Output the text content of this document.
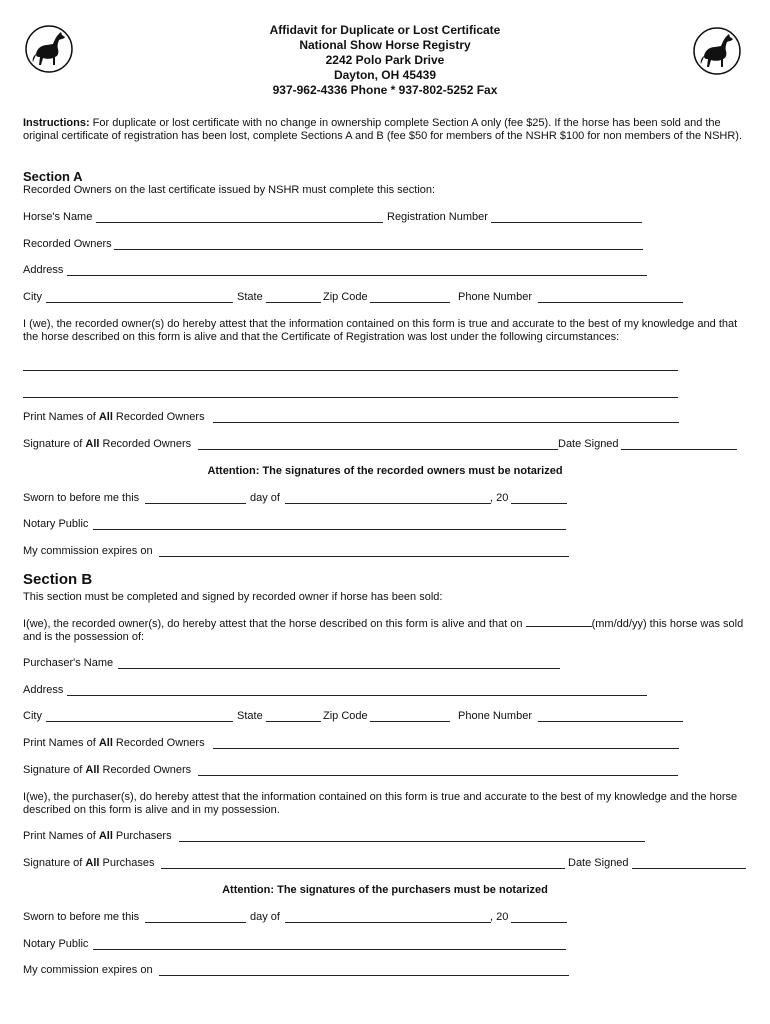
Affidavit for Duplicate or Lost Certificate
National Show Horse Registry
2242 Polo Park Drive
Dayton, OH 45439
937-962-4336 Phone * 937-802-5252 Fax
Instructions: For duplicate or lost certificate with no change in ownership complete Section A only (fee $25). If the horse has been sold and the original certificate of registration has been lost, complete Sections A and B (fee $50 for members of the NSHR $100 for non members of the NSHR).
Section A
Recorded Owners on the last certificate issued by NSHR must complete this section:
Horse's Name	Registration Number
Recorded Owners
Address
City	State	Zip Code	Phone Number
I (we), the recorded owner(s) do hereby attest that the information contained on this form is true and accurate to the best of my knowledge and that the horse described on this form is alive and that the Certificate of Registration was lost under the following circumstances:
Print Names of All Recorded Owners
Signature of All Recorded Owners	Date Signed
Attention: The signatures of the recorded owners must be notarized
Sworn to before me this	day of	, 20
Notary Public
My commission expires on
Section B
This section must be completed and signed by recorded owner if horse has been sold:
I(we), the recorded owner(s), do hereby attest that the horse described on this form is alive and that on	(mm/dd/yy) this horse was sold and is the possession of:
Purchaser's Name
Address
City	State	Zip Code	Phone Number
Print Names of All Recorded Owners
Signature of All Recorded Owners
I(we), the purchaser(s), do hereby attest that the information contained on this form is true and accurate to the best of my knowledge and the horse described on this form is alive and in my possession.
Print Names of All Purchasers
Signature of All Purchases	Date Signed
Attention: The signatures of the purchasers must be notarized
Sworn to before me this	day of	, 20
Notary Public
My commission expires on
